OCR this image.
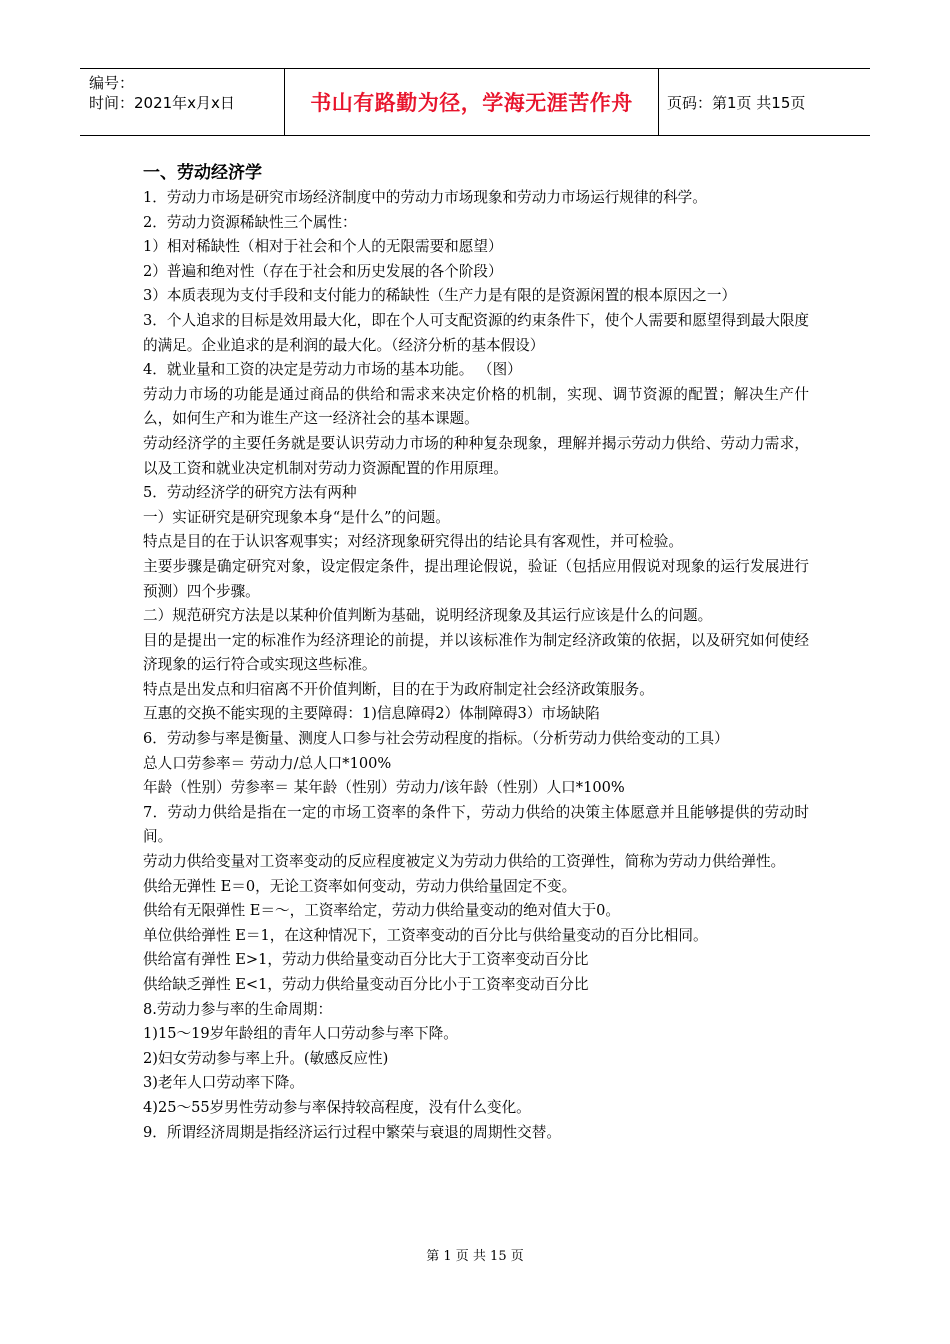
编号：
时间：2021年x月x日	书山有路勤为径，学海无涯苦作舟	页码：第1页 共15页
一、劳动经济学

1．劳动力市场是研究市场经济制度中的劳动力市场现象和劳动力市场运行规律的科学。

2．劳动力资源稀缺性三个属性：

1）相对稀缺性（相对于社会和个人的无限需要和愿望）

2）普遍和绝对性（存在于社会和历史发展的各个阶段）

3）本质表现为支付手段和支付能力的稀缺性（生产力是有限的是资源闲置的根本原因之一）

3．个人追求的目标是效用最大化，即在个人可支配资源的约束条件下，使个人需要和愿望得到最大限度的满足。企业追求的是利润的最大化。（经济分析的基本假设）

4．就业量和工资的决定是劳动力市场的基本功能。 （图）

劳动力市场的功能是通过商品的供给和需求来决定价格的机制，实现、调节资源的配置；解决生产什么，如何生产和为谁生产这一经济社会的基本课题。

劳动经济学的主要任务就是要认识劳动力市场的种种复杂现象，理解并揭示劳动力供给、劳动力需求，以及工资和就业决定机制对劳动力资源配置的作用原理。

5．劳动经济学的研究方法有两种

一）实证研究是研究现象本身“是什么”的问题。

特点是目的在于认识客观事实；对经济现象研究得出的结论具有客观性，并可检验。

主要步骤是确定研究对象，设定假定条件，提出理论假说，验证（包括应用假说对现象的运行发展进行预测）四个步骤。

二）规范研究方法是以某种价值判断为基础，说明经济现象及其运行应该是什么的问题。

目的是提出一定的标准作为经济理论的前提，并以该标准作为制定经济政策的依据，以及研究如何使经济现象的运行符合或实现这些标准。

特点是出发点和归宿离不开价值判断，目的在于为政府制定社会经济政策服务。

互惠的交换不能实现的主要障碍：1)信息障碍2）体制障碍3）市场缺陷

6．劳动参与率是衡量、测度人口参与社会劳动程度的指标。（分析劳动力供给变动的工具）

总人口劳参率＝ 劳动力/总人口*100%

年龄（性别）劳参率＝ 某年龄（性别）劳动力/该年龄（性别）人口*100%

7．劳动力供给是指在一定的市场工资率的条件下，劳动力供给的决策主体愿意并且能够提供的劳动时间。

劳动力供给变量对工资率变动的反应程度被定义为劳动力供给的工资弹性，简称为劳动力供给弹性。

供给无弹性 E＝0，无论工资率如何变动，劳动力供给量固定不变。

供给有无限弹性 E＝～，工资率给定，劳动力供给量变动的绝对值大于0。

单位供给弹性 E＝1，在这种情况下，工资率变动的百分比与供给量变动的百分比相同。

供给富有弹性 E>1，劳动力供给量变动百分比大于工资率变动百分比

供给缺乏弹性 E<1，劳动力供给量变动百分比小于工资率变动百分比

8.劳动力参与率的生命周期：

1)15～19岁年龄组的青年人口劳动参与率下降。

2)妇女劳动参与率上升。(敏感反应性)

3)老年人口劳动率下降。

4)25～55岁男性劳动参与率保持较高程度，没有什么变化。

9．所谓经济周期是指经济运行过程中繁荣与衰退的周期性交替。

第 1 页 共 15 页
